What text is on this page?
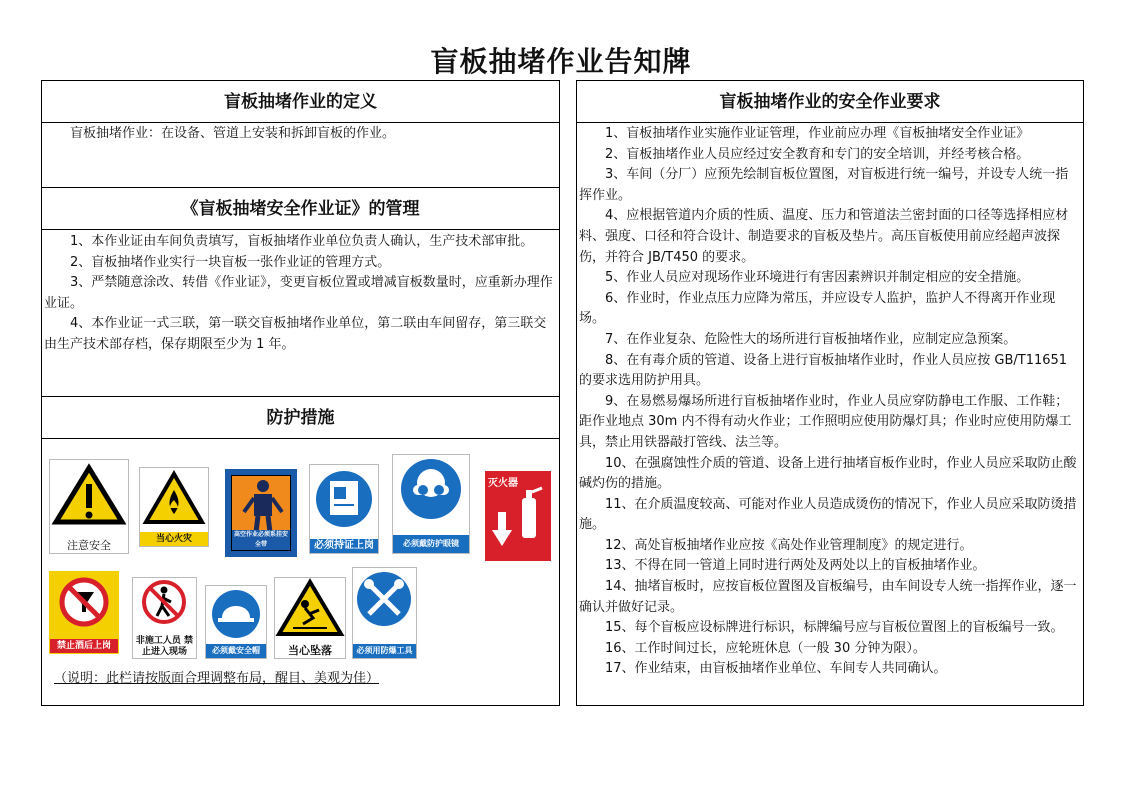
盲板抽堵作业告知牌
盲板抽堵作业的定义
盲板抽堵作业：在设备、管道上安装和拆卸盲板的作业。
《盲板抽堵安全作业证》的管理

1、本作业证由车间负责填写，盲板抽堵作业单位负责人确认，生产技术部审批。

2、盲板抽堵作业实行一块盲板一张作业证的管理方式。

3、严禁随意涂改、转借《作业证》，变更盲板位置或增减盲板数量时，应重新办理作业证。

4、本作业证一式三联，第一联交盲板抽堵作业单位，第二联由车间留存，第三联交由生产技术部存档，保存期限至少为 1 年。

防护措施
注意安全	当心火灾	高空作业必须系挂安全带	必须持证上岗	必须戴防护眼镜
灭火器
禁止酒后上岗	非施工人员 禁止进入现场	必须戴安全帽	当心坠落	必须用防爆工具
（说明：此栏请按版面合理调整布局，醒目、美观为佳）
盲板抽堵作业的安全作业要求

1、盲板抽堵作业实施作业证管理，作业前应办理《盲板抽堵安全作业证》

2、盲板抽堵作业人员应经过安全教育和专门的安全培训，并经考核合格。

3、车间（分厂）应预先绘制盲板位置图，对盲板进行统一编号，并设专人统一指挥作业。

4、应根据管道内介质的性质、温度、压力和管道法兰密封面的口径等选择相应材料、强度、口径和符合设计、制造要求的盲板及垫片。高压盲板使用前应经超声波探伤，并符合 JB/T450 的要求。

5、作业人员应对现场作业环境进行有害因素辨识并制定相应的安全措施。

6、作业时，作业点压力应降为常压，并应设专人监护，监护人不得离开作业现场。

7、在作业复杂、危险性大的场所进行盲板抽堵作业，应制定应急预案。

8、在有毒介质的管道、设备上进行盲板抽堵作业时，作业人员应按 GB/T11651 的要求选用防护用具。

9、在易燃易爆场所进行盲板抽堵作业时，作业人员应穿防静电工作服、工作鞋；距作业地点 30m 内不得有动火作业；工作照明应使用防爆灯具；作业时应使用防爆工具，禁止用铁器敲打管线、法兰等。

10、在强腐蚀性介质的管道、设备上进行抽堵盲板作业时，作业人员应采取防止酸碱灼伤的措施。

11、在介质温度较高、可能对作业人员造成烫伤的情况下，作业人员应采取防烫措施。

12、高处盲板抽堵作业应按《高处作业管理制度》的规定进行。

13、不得在同一管道上同时进行两处及两处以上的盲板抽堵作业。

14、抽堵盲板时，应按盲板位置图及盲板编号，由车间设专人统一指挥作业，逐一确认并做好记录。

15、每个盲板应设标牌进行标识，标牌编号应与盲板位置图上的盲板编号一致。

16、工作时间过长，应轮班休息（一般 30 分钟为限）。

17、作业结束，由盲板抽堵作业单位、车间专人共同确认。
